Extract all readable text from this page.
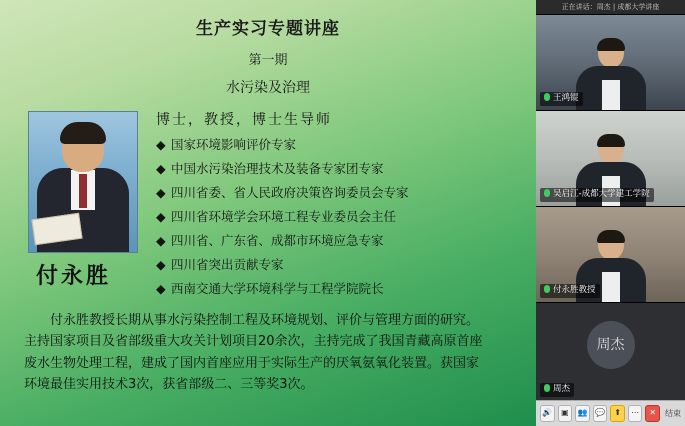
生产实习专题讲座
第一期
水污染及治理
付永胜
博士，教授，博士生导师
◆ 国家环境影响评价专家
◆ 中国水污染治理技术及装备专家团专家
◆ 四川省委、省人民政府决策咨询委员会专家
◆ 四川省环境学会环境工程专业委员会主任
◆ 四川省、广东省、成都市环境应急专家
◆ 四川省突出贡献专家
◆ 西南交通大学环境科学与工程学院院长

付永胜教授长期从事水污染控制工程及环境规划、评价与管理方面的研究。

主持国家项目及省部级重大攻关计划项目20余次，主持完成了我国青藏高原首座

废水生物处理工程，建成了国内首座应用于实际生产的厌氧氨氧化装置。获国家

环境最佳实用技术3次，获省部级二、三等奖3次。

正在讲话：周杰 | 成都大学讲座
王鸿锟
吴启江-成都大学建工学院
付永胜教授
周杰
周杰
🔊	▣	👥 💬	⬆	⋯	✕	结束
